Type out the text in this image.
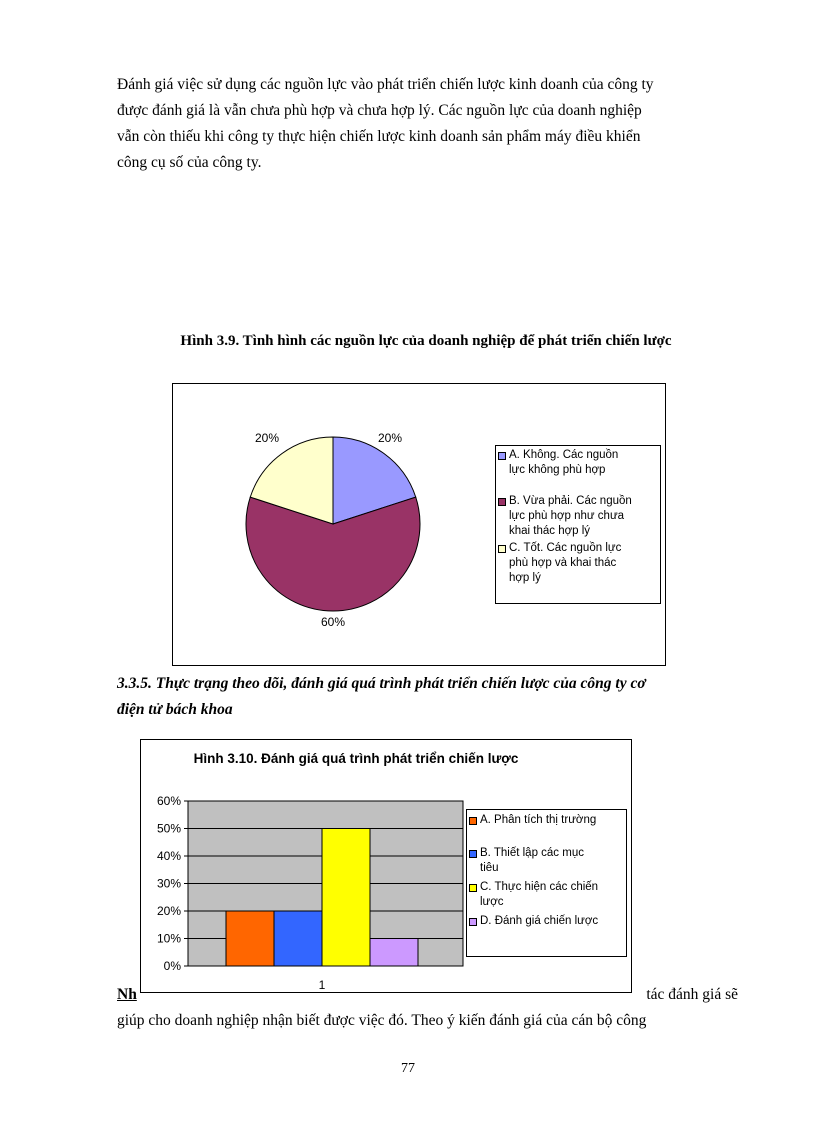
Đánh giá việc sử dụng các nguồn lực vào phát triển chiến lược kinh doanh của công ty

được đánh giá là vẫn chưa phù hợp và chưa hợp lý. Các nguồn lực của doanh nghiệp

vẫn còn thiếu khi công ty thực hiện chiến lược kinh doanh sản phẩm máy điều khiển

công cụ số của công ty.

Hình 3.9. Tình hình các nguồn lực của doanh nghiệp để phát triển chiến lược
20%
60%
20%
A. Không. Các nguồn
lực không phù hợp
B. Vừa phải. Các nguồn
lực phù hợp như chưa
khai thác hợp lý
C. Tốt. Các nguồn lực
phù hợp và khai thác
hợp lý
3.3.5. Thực trạng theo dõi, đánh giá quá trình phát triển chiến lược của công ty cơ
điện tử bách khoa
Nh	tác đánh giá sẽ
giúp cho doanh nghiệp nhận biết được việc đó. Theo ý kiến đánh giá của cán bộ công
Hình 3.10. Đánh giá quá trình phát triển chiến lược
0%
10%
20%
30%
40%
50%
60%
1
A. Phân tích thị trường
B. Thiết lập các mục
tiêu
C. Thực hiện các chiến
lược
D. Đánh giá chiến lược
77
